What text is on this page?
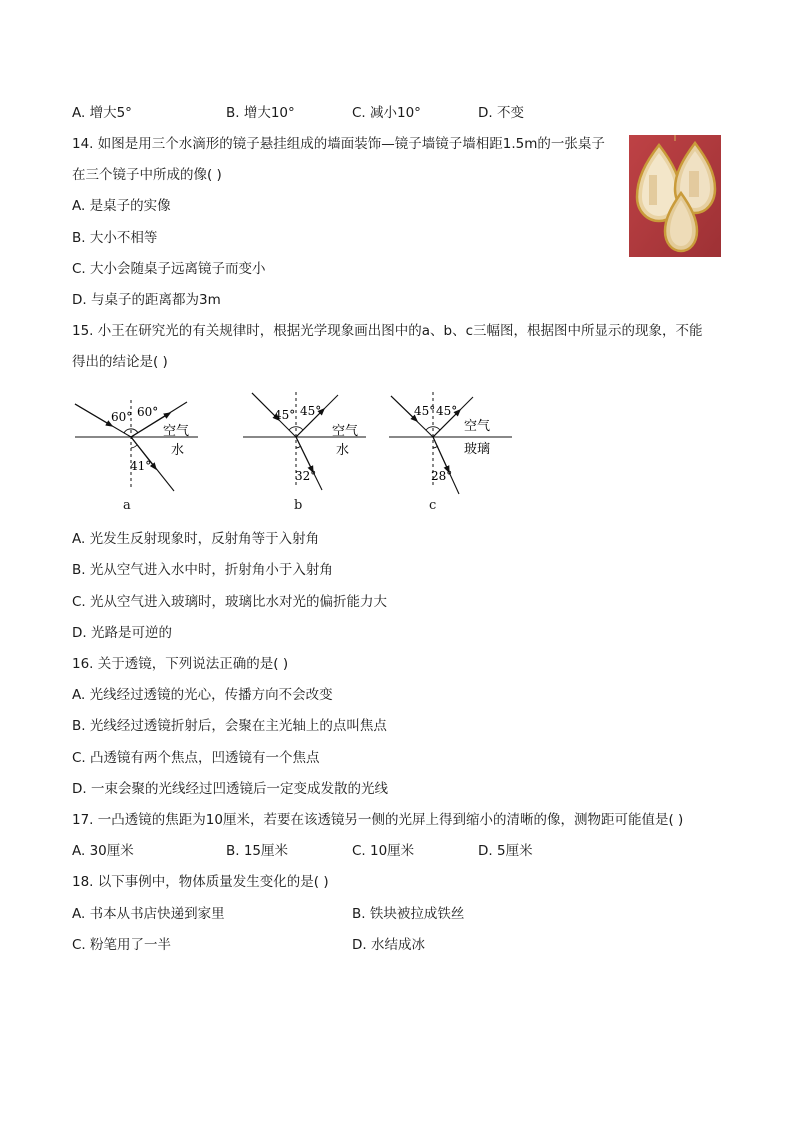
A. 增大5°	B. 增大10°	C. 减小10°	D. 不变
14. 如图是用三个水滴形的镜子悬挂组成的墙面装饰—镜子墙镜子墙相距1.5m的一张桌子
在三个镜子中所成的像( )
A. 是桌子的实像
B. 大小不相等
C. 大小会随桌子远离镜子而变小
D. 与桌子的距离都为3m
15. 小王在研究光的有关规律时，根据光学现象画出图中的a、b、c三幅图，根据图中所显示的现象，不能
得出的结论是( )
60° 60°
41°
空气
水
a
45° 45°
32°
空气
水
b
45° 45°
28°
空气
玻璃
c
A. 光发生反射现象时，反射角等于入射角
B. 光从空气进入水中时，折射角小于入射角
C. 光从空气进入玻璃时，玻璃比水对光的偏折能力大
D. 光路是可逆的
16. 关于透镜，下列说法正确的是( )
A. 光线经过透镜的光心，传播方向不会改变
B. 光线经过透镜折射后，会聚在主光轴上的点叫焦点
C. 凸透镜有两个焦点，凹透镜有一个焦点
D. 一束会聚的光线经过凹透镜后一定变成发散的光线
17. 一凸透镜的焦距为10厘米，若要在该透镜另一侧的光屏上得到缩小的清晰的像，测物距可能值是( )
A. 30厘米	B. 15厘米	C. 10厘米	D. 5厘米
18. 以下事例中，物体质量发生变化的是( )
A. 书本从书店快递到家里	B. 铁块被拉成铁丝
C. 粉笔用了一半	D. 水结成冰
